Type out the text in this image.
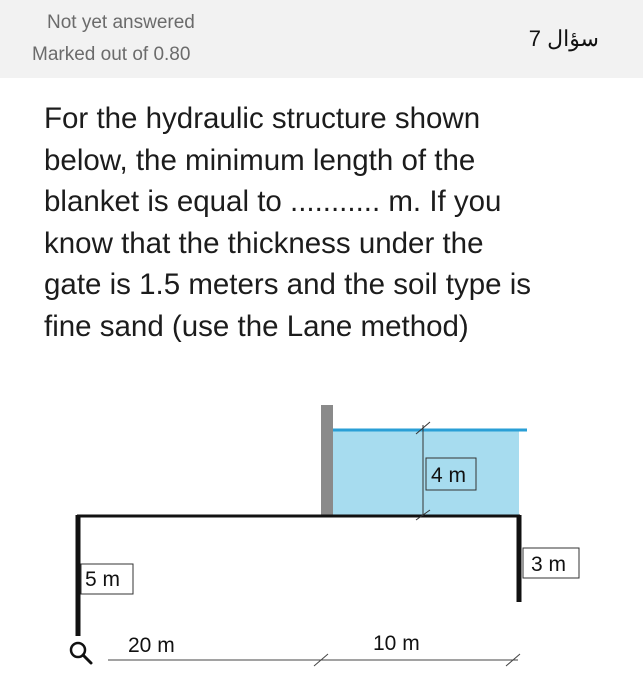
Not yet answered
Marked out of 0.80
سؤال 7
For the hydraulic structure shown
below, the minimum length of the
blanket is equal to ........... m. If you
know that the thickness under the
gate is 1.5 meters and the soil type is
fine sand (use the Lane method)
4 m
5 m
3 m
20 m	10 m
